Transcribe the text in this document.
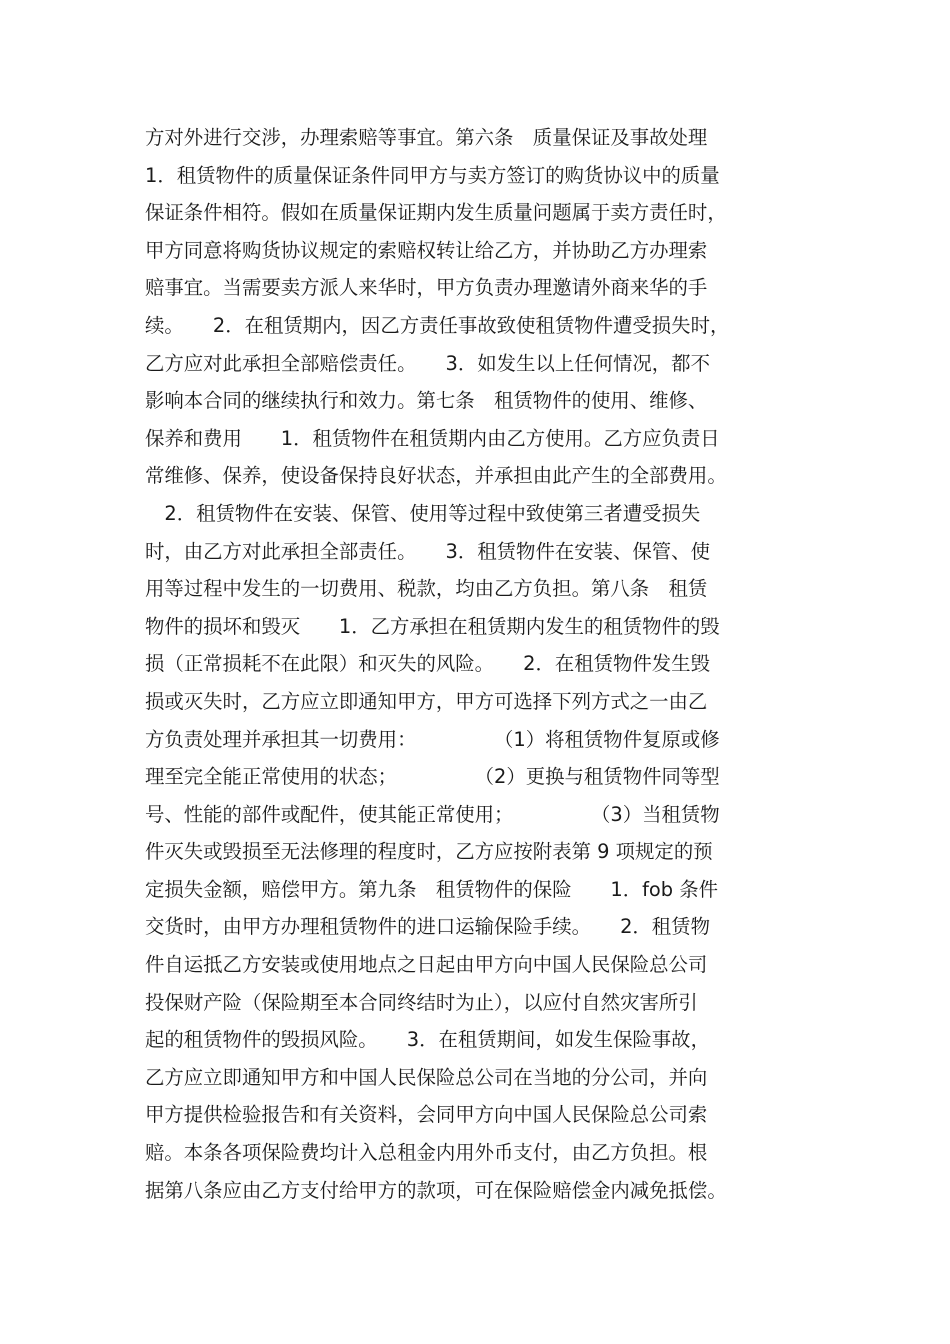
方对外进行交涉，办理索赔等事宜。第六条　质量保证及事故处理
1．租赁物件的质量保证条件同甲方与卖方签订的购货协议中的质量
保证条件相符。假如在质量保证期内发生质量问题属于卖方责任时，
甲方同意将购货协议规定的索赔权转让给乙方，并协助乙方办理索
赔事宜。当需要卖方派人来华时，甲方负责办理邀请外商来华的手
续。　　2．在租赁期内，因乙方责任事故致使租赁物件遭受损失时，
乙方应对此承担全部赔偿责任。　　3．如发生以上任何情况，都不
影响本合同的继续执行和效力。第七条　租赁物件的使用、维修、
保养和费用　　1．租赁物件在租赁期内由乙方使用。乙方应负责日
常维修、保养，使设备保持良好状态，并承担由此产生的全部费用。
　2．租赁物件在安装、保管、使用等过程中致使第三者遭受损失
时，由乙方对此承担全部责任。　　3．租赁物件在安装、保管、使
用等过程中发生的一切费用、税款，均由乙方负担。第八条　租赁
物件的损坏和毁灭　　1．乙方承担在租赁期内发生的租赁物件的毁
损（正常损耗不在此限）和灭失的风险。　　2．在租赁物件发生毁
损或灭失时，乙方应立即通知甲方，甲方可选择下列方式之一由乙
方负责处理并承担其一切费用：　　　　　（1）将租赁物件复原或修
理至完全能正常使用的状态；　　　　　（2）更换与租赁物件同等型
号、性能的部件或配件，使其能正常使用；　　　　　（3）当租赁物
件灭失或毁损至无法修理的程度时，乙方应按附表第 9 项规定的预
定损失金额，赔偿甲方。第九条　租赁物件的保险　　1．fob 条件
交货时，由甲方办理租赁物件的进口运输保险手续。　　2．租赁物
件自运抵乙方安装或使用地点之日起由甲方向中国人民保险总公司
投保财产险（保险期至本合同终结时为止），以应付自然灾害所引
起的租赁物件的毁损风险。　　3．在租赁期间，如发生保险事故，
乙方应立即通知甲方和中国人民保险总公司在当地的分公司，并向
甲方提供检验报告和有关资料，会同甲方向中国人民保险总公司索
赔。本条各项保险费均计入总租金内用外币支付，由乙方负担。根
据第八条应由乙方支付给甲方的款项，可在保险赔偿金内减免抵偿。
